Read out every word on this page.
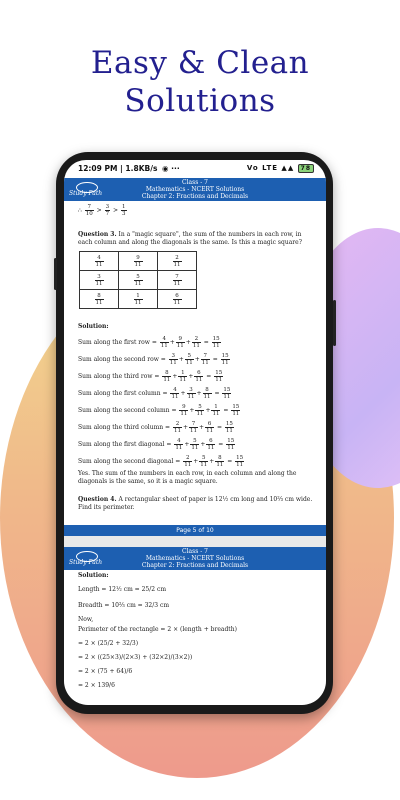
Easy & Clean
Solutions
12:09 PM | 1.8KB/s ◉ ···	Vo LTE ▲▲ 78
Study Path
Class - 7
Mathematics - NCERT Solutions
Chapter 2: Fractions and Decimals
∴ $\frac{7}{10} > \frac{3}{7} > \frac{1}{3}$

Question 3. In a "magic square", the sum of the numbers in each row, in each column and along the diagonals is the same. Is this a magic square?

$\frac{4}{11}$	$\frac{9}{11}$	$\frac{2}{11}$

$\frac{3}{11}$	$\frac{5}{11}$	$\frac{7}{11}$

$\frac{8}{11}$	$\frac{1}{11}$	$\frac{6}{11}$

Solution:

Sum along the first row = $\frac{4}{11} + \frac{9}{11} + \frac{2}{11} = \frac{15}{11}$
Sum along the second row = $\frac{3}{11} + \frac{5}{11} + \frac{7}{11} = \frac{15}{11}$
Sum along the third row = $\frac{8}{11} + \frac{1}{11} + \frac{6}{11} = \frac{15}{11}$
Sum along the first column = $\frac{4}{11} + \frac{3}{11} + \frac{8}{11} = \frac{15}{11}$
Sum along the second column = $\frac{9}{11} + \frac{5}{11} + \frac{1}{11} = \frac{15}{11}$
Sum along the third column = $\frac{2}{11} + \frac{7}{11} + \frac{6}{11} = \frac{15}{11}$
Sum along the first diagonal = $\frac{4}{11} + \frac{5}{11} + \frac{6}{11} = \frac{15}{11}$
Sum along the second diagonal = $\frac{2}{11} + \frac{5}{11} + \frac{8}{11} = \frac{15}{11}$

Yes. The sum of the numbers in each row, in each column and along the diagonals is the same, so it is a magic square.

Question 4. A rectangular sheet of paper is 12½ cm long and 10⅔ cm wide. Find its perimeter.

Page 5 of 10
Study Path
Class - 7
Mathematics - NCERT Solutions
Chapter 2: Fractions and Decimals

Solution:

Length = 12½ cm = 25/2 cm

Breadth = 10⅔ cm = 32/3 cm

Now,

Perimeter of the rectangle = 2 × (length + breadth)

= 2 × (25/2 + 32/3)

= 2 × ((25×3)/(2×3) + (32×2)/(3×2))

= 2 × (75 + 64)/6

= 2 × 139/6
